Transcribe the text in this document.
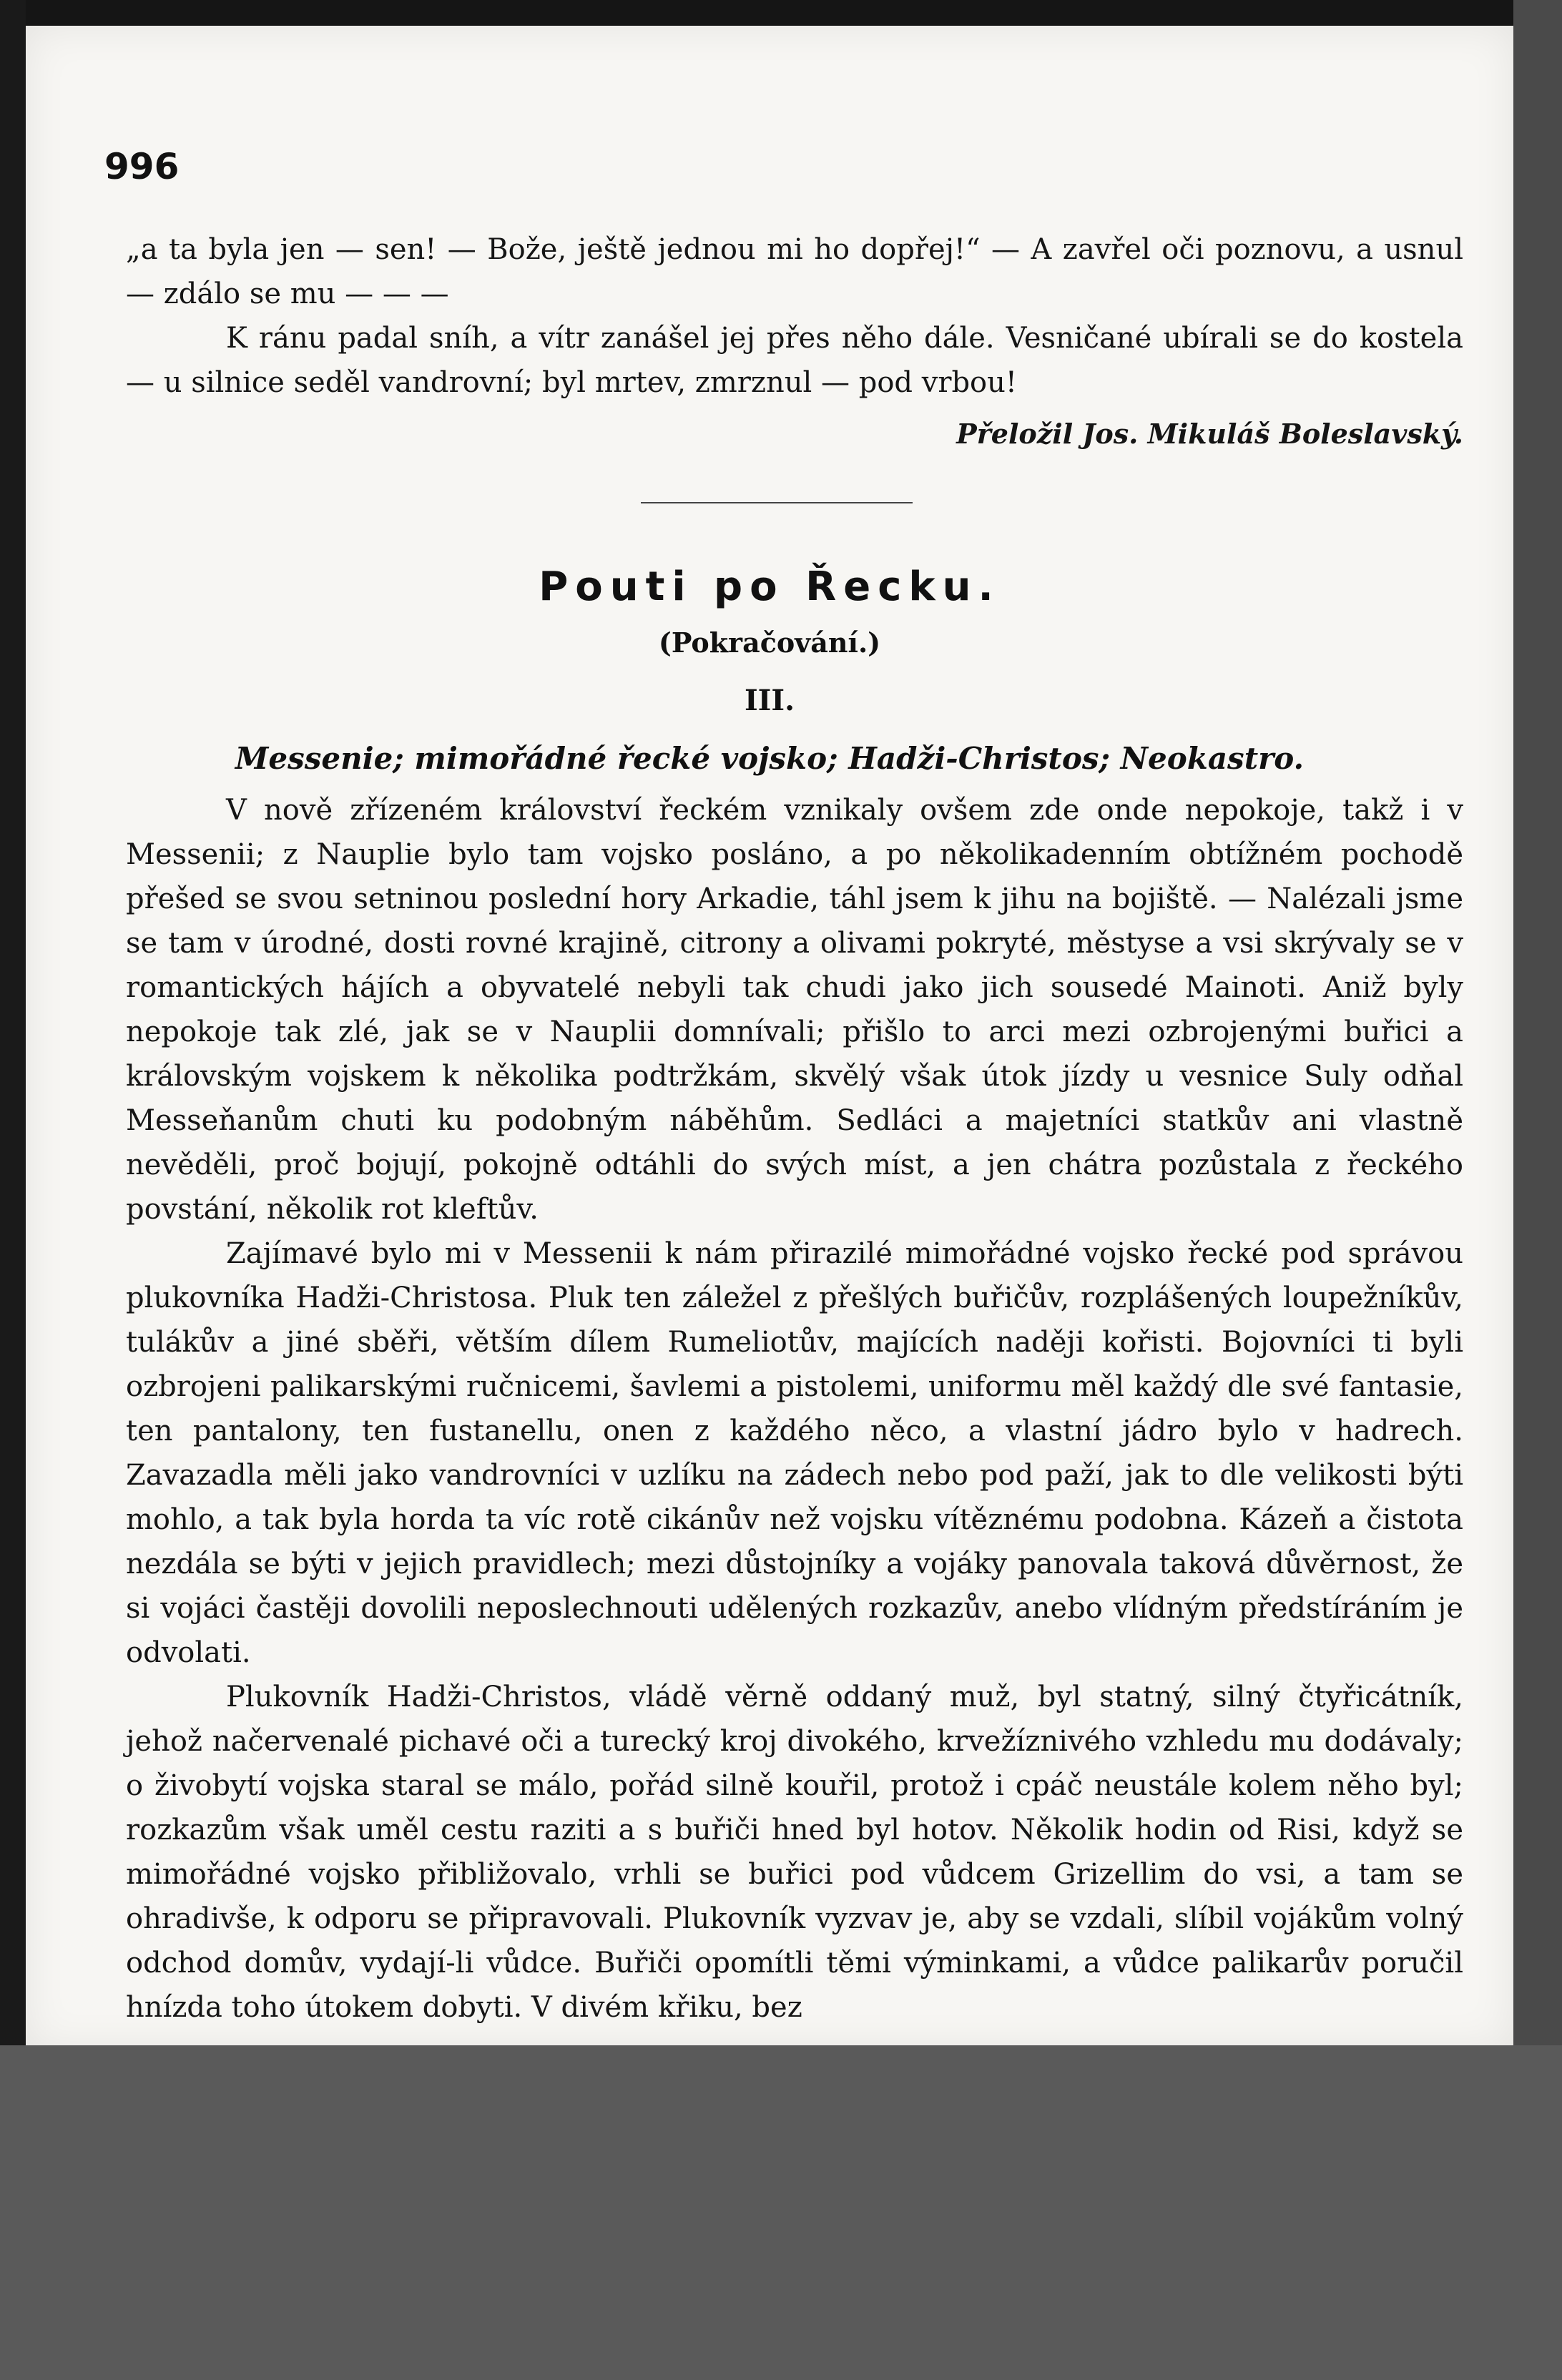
996

„a ta byla jen — sen! — Bože, ještě jednou mi ho dopřej!“ — A zavřel oči poznovu, a usnul — zdálo se mu — — —

K ránu padal sníh, a vítr zanášel jej přes něho dále. Vesničané ubírali se do kostela — u silnice seděl vandrovní; byl mrtev, zmrznul — pod vrbou!

Přeložil Jos. Mikuláš Boleslavský.
Pouti po Řecku.
(Pokračování.)
III.
Messenie; mimořádné řecké vojsko; Hadži-Christos; Neokastro.

V nově zřízeném království řeckém vznikaly ovšem zde onde nepokoje, takž i v Messenii; z Nauplie bylo tam vojsko posláno, a po několikadenním obtížném pochodě přešed se svou setninou poslední hory Arkadie, táhl jsem k jihu na bojiště. — Nalézali jsme se tam v úrodné, dosti rovné krajině, citrony a olivami pokryté, městyse a vsi skrývaly se v romantických hájích a obyvatelé nebyli tak chudi jako jich sousedé Mainoti. Aniž byly nepokoje tak zlé, jak se v Nauplii domnívali; přišlo to arci mezi ozbrojenými buřici a královským vojskem k několika podtržkám, skvělý však útok jízdy u vesnice Suly odňal Messeňanům chuti ku podobným náběhům. Sedláci a majetníci statkův ani vlastně nevěděli, proč bojují, pokojně odtáhli do svých míst, a jen chátra pozůstala z řeckého povstání, několik rot kleftův.

Zajímavé bylo mi v Messenii k nám přirazilé mimořádné vojsko řecké pod správou plukovníka Hadži-Christosa. Pluk ten záležel z přešlých buřičův, rozplášených loupežníkův, tulákův a jiné sběři, větším dílem Rumeliotův, majících naději kořisti. Bojovníci ti byli ozbrojeni palikarskými ručnicemi, šavlemi a pistolemi, uniformu měl každý dle své fantasie, ten pantalony, ten fustanellu, onen z každého něco, a vlastní jádro bylo v hadrech. Zavazadla měli jako vandrovníci v uzlíku na zádech nebo pod paží, jak to dle velikosti býti mohlo, a tak byla horda ta víc rotě cikánův než vojsku vítěznému podobna. Kázeň a čistota nezdála se býti v jejich pravidlech; mezi důstojníky a vojáky panovala taková důvěrnost, že si vojáci častěji dovolili neposlechnouti udělených rozkazův, anebo vlídným předstíráním je odvolati.

Plukovník Hadži-Christos, vládě věrně oddaný muž, byl statný, silný čtyřicátník, jehož načervenalé pichavé oči a turecký kroj divokého, krvežíznivého vzhledu mu dodávaly; o živobytí vojska staral se málo, pořád silně kouřil, protož i cpáč neustále kolem něho byl; rozkazům však uměl cestu raziti a s buřiči hned byl hotov. Několik hodin od Risi, když se mimořádné vojsko přibližovalo, vrhli se buřici pod vůdcem Grizellim do vsi, a tam se ohradivše, k odporu se připravovali. Plukovník vyzvav je, aby se vzdali, slíbil vojákům volný odchod domův, vydají-li vůdce. Buřiči opomítli těmi výminkami, a vůdce palikarův poručil hnízda toho útokem dobyti. V divém křiku, bez
